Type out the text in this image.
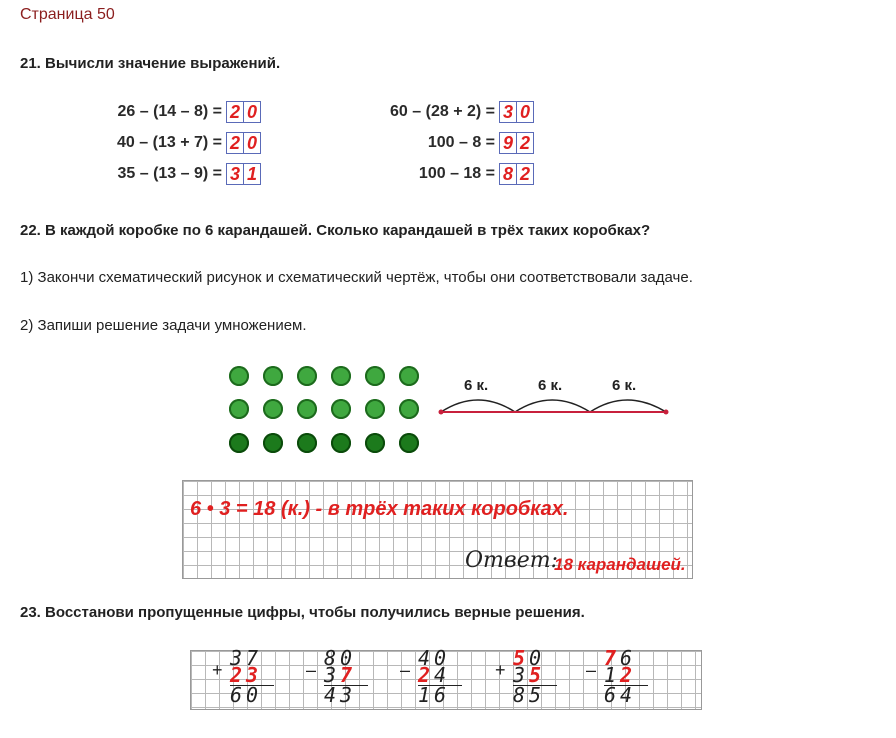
Страница 50
21. Вычисли значение выражений.
26 – (14 – 8) = 2 0
40 – (13 + 7) = 2 0
35 – (13 – 9) = 3 1
60 – (28 + 2) = 3 0
100 – 8 = 9 2
100 – 18 = 8 2
22. В каждой коробке по 6 карандашей. Сколько карандашей в трёх таких коробках?
1) Закончи схематический рисунок и схематический чертёж, чтобы они соответствовали задаче.
2) Запиши решение задачи умножением.
6 к.	6 к.	6 к.
6 • 3 = 18 (к.) - в трёх таких коробках.
Ответ:
18 карандашей.
23. Восстанови пропущенные цифры, чтобы получились верные решения.
+ 37
23
60
– 80
37
43
– 40
24
16
+ 50
35
85
– 76
12
64
